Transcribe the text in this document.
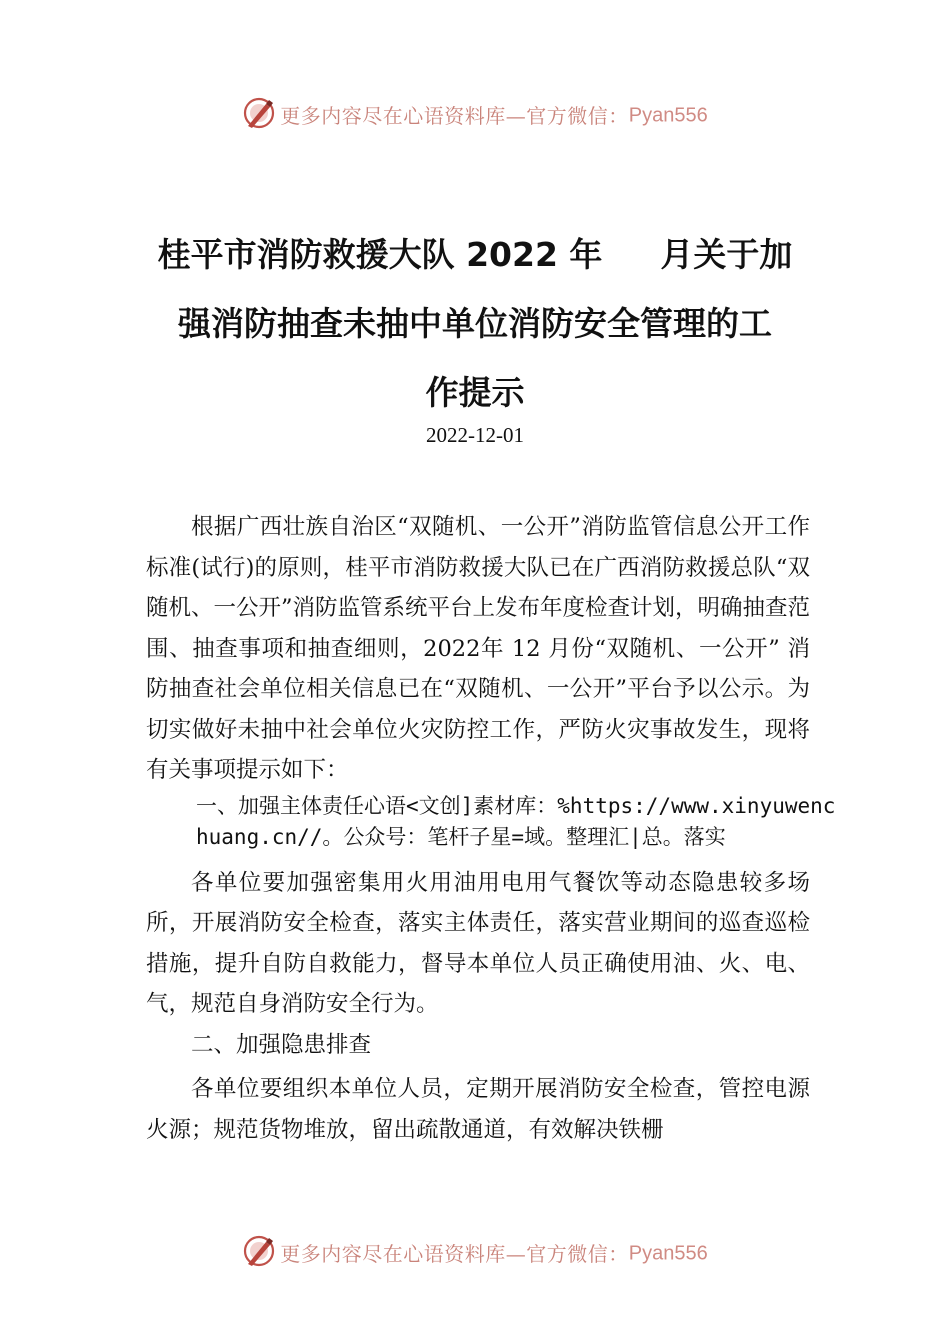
更多内容尽在心语资料库—官方微信：Pyan556
桂平市消防救援大队 2022 年 月关于加
强消防抽查未抽中单位消防安全管理的工
作提示
2022-12-01

根据广西壮族自治区“双随机、一公开”消防监管信息公开工作标准(试行)的原则，桂平市消防救援大队已在广西消防救援总队“双随机、一公开”消防监管系统平台上发布年度检查计划，明确抽查范围、抽查事项和抽查细则，2022年 12 月份“双随机、一公开” 消防抽查社会单位相关信息已在“双随机、一公开”平台予以公示。为切实做好未抽中社会单位火灾防控工作，严防火灾事故发生，现将有关事项提示如下：

一、加强主体责任心语<文创]素材库：%https://www.xinyuwenchuang.cn//。公众号：笔杆子星=域。整理汇|总。落实

各单位要加强密集用火用油用电用气餐饮等动态隐患较多场所，开展消防安全检查，落实主体责任，落实营业期间的巡查巡检措施，提升自防自救能力，督导本单位人员正确使用油、火、电、气，规范自身消防安全行为。

二、加强隐患排查

各单位要组织本单位人员，定期开展消防安全检查，管控电源火源；规范货物堆放，留出疏散通道，有效解决铁栅

更多内容尽在心语资料库—官方微信：Pyan556
